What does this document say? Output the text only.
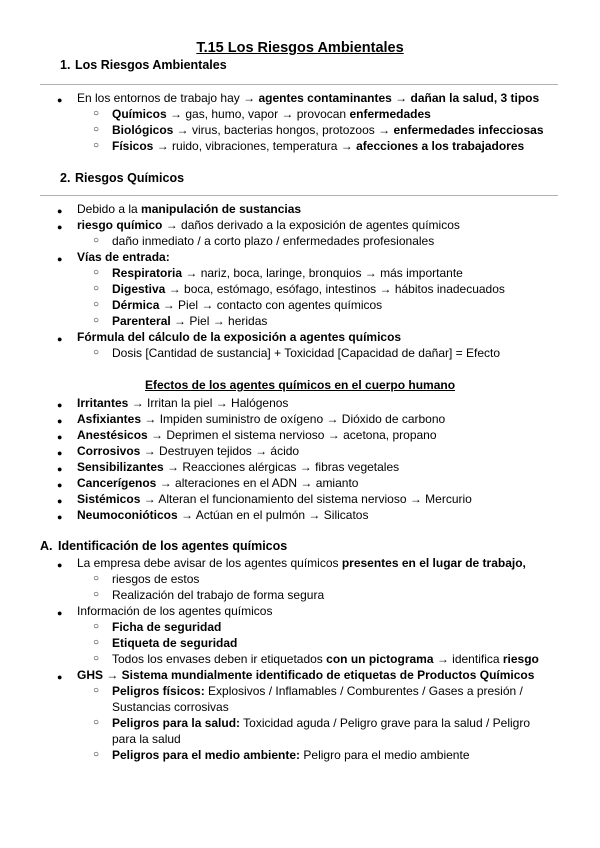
T.15 Los Riesgos Ambientales
1. Los Riesgos Ambientales
● En los entornos de trabajo hay → agentes contaminantes → dañan la salud, 3 tipos
○ Químicos → gas, humo, vapor → provocan enfermedades
○ Biológicos → virus, bacterias hongos, protozoos → enfermedades infecciosas
○ Físicos → ruido, vibraciones, temperatura → afecciones a los trabajadores
2. Riesgos Químicos
● Debido a la manipulación de sustancias
● riesgo químico → daños derivado a la exposición de agentes químicos
○ daño inmediato / a corto plazo / enfermedades profesionales
● Vías de entrada:
○ Respiratoria → nariz, boca, laringe, bronquios → más importante
○ Digestiva → boca, estómago, esófago, intestinos → hábitos inadecuados
○ Dérmica → Piel → contacto con agentes químicos
○ Parenteral → Piel → heridas
● Fórmula del cálculo de la exposición a agentes químicos
○ Dosis [Cantidad de sustancia] + Toxicidad [Capacidad de dañar] = Efecto
Efectos de los agentes químicos en el cuerpo humano
● Irritantes → Irritan la piel → Halógenos
● Asfixiantes → Impiden suministro de oxígeno → Dióxido de carbono
● Anestésicos → Deprimen el sistema nervioso → acetona, propano
● Corrosivos → Destruyen tejidos → ácido
● Sensibilizantes → Reacciones alérgicas → fibras vegetales
● Cancerígenos → alteraciones en el ADN → amianto
● Sistémicos → Alteran el funcionamiento del sistema nervioso → Mercurio
● Neumoconióticos → Actúan en el pulmón → Silicatos
A. Identificación de los agentes químicos
● La empresa debe avisar de los agentes químicos presentes en el lugar de trabajo,
○ riesgos de estos
○ Realización del trabajo de forma segura
● Información de los agentes químicos
○ Ficha de seguridad
○ Etiqueta de seguridad
○ Todos los envases deben ir etiquetados con un pictograma → identifica riesgo
● GHS → Sistema mundialmente identificado de etiquetas de Productos Químicos
○ Peligros físicos: Explosivos / Inflamables / Comburentes / Gases a presión /
Sustancias corrosivas
○ Peligros para la salud: Toxicidad aguda / Peligro grave para la salud / Peligro
para la salud
○ Peligros para el medio ambiente: Peligro para el medio ambiente
